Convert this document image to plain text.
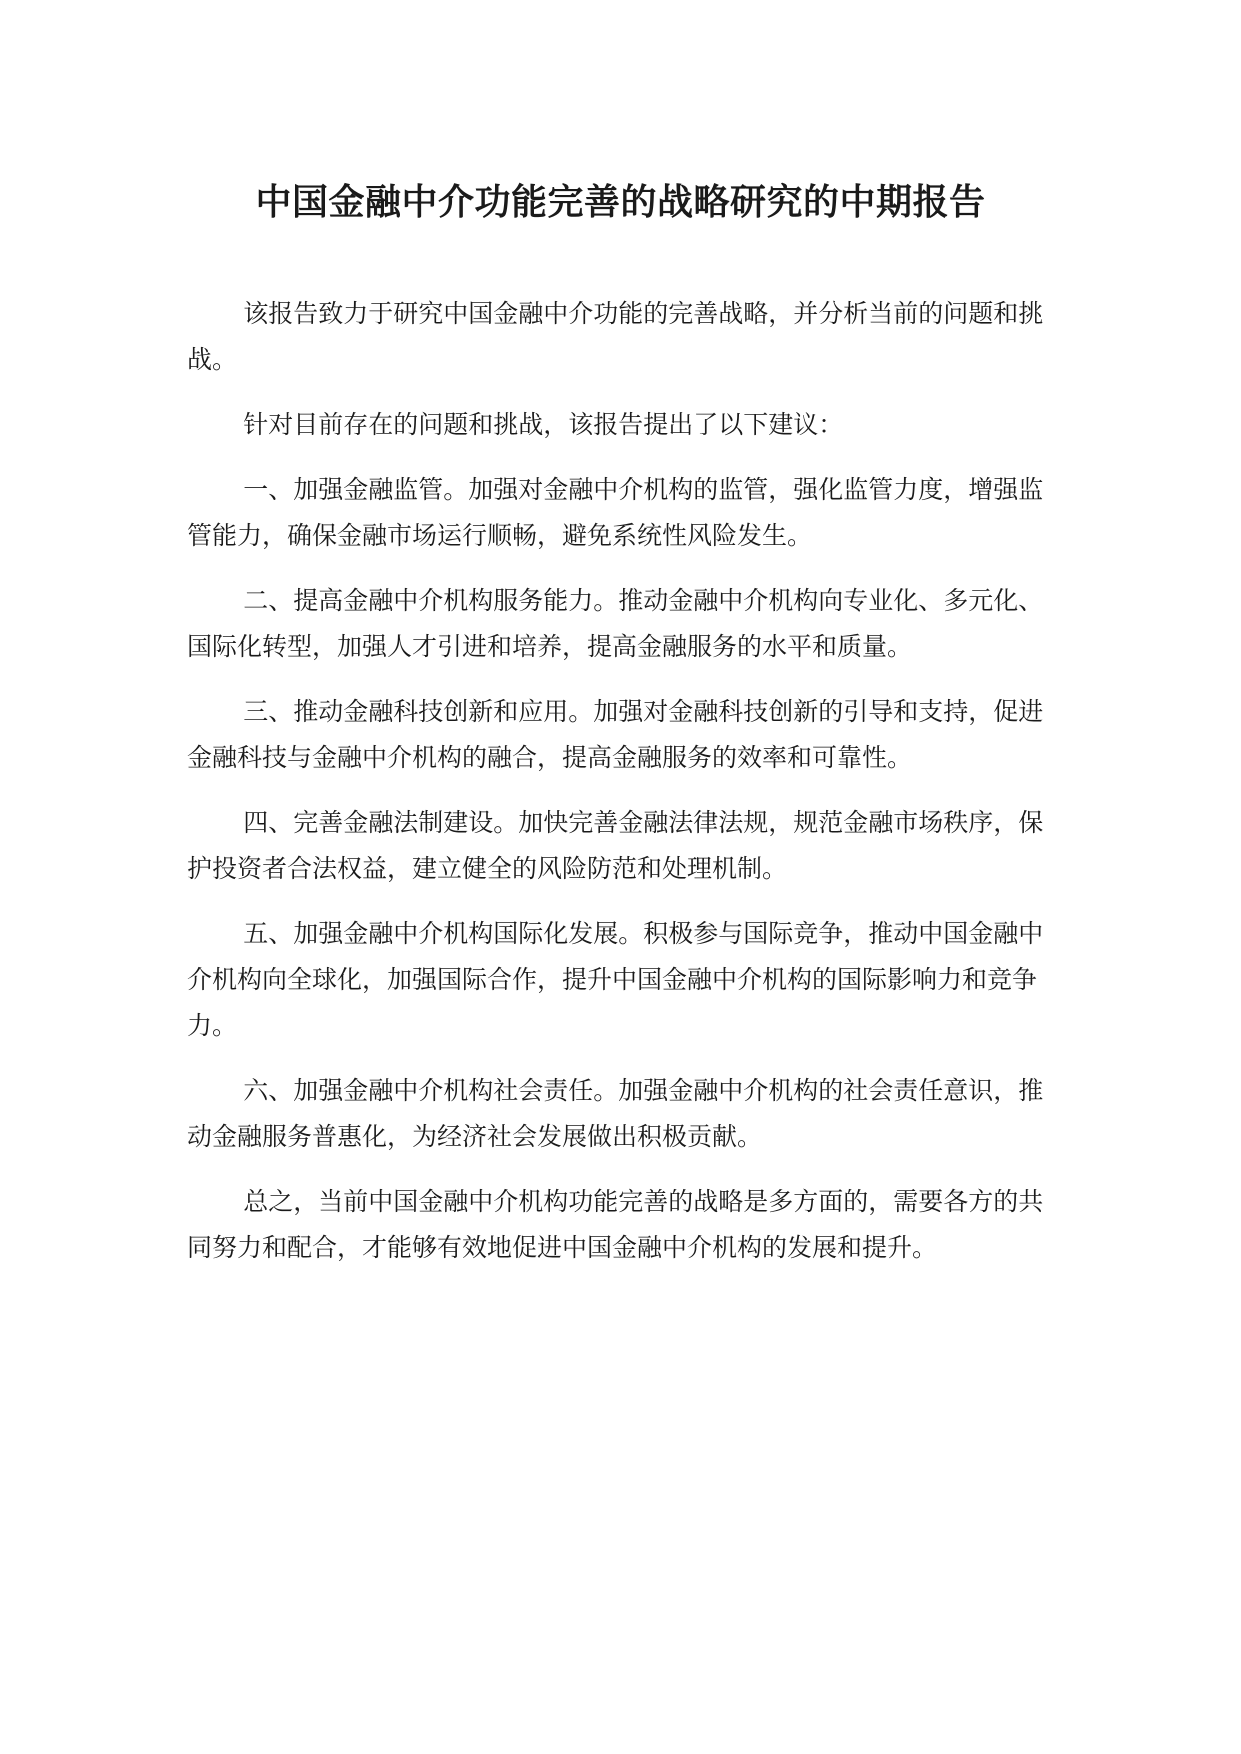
中国金融中介功能完善的战略研究的中期报告

该报告致力于研究中国金融中介功能的完善战略，并分析当前的问题和挑战。

针对目前存在的问题和挑战，该报告提出了以下建议：

一、加强金融监管。加强对金融中介机构的监管，强化监管力度，增强监管能力，确保金融市场运行顺畅，避免系统性风险发生。

二、提高金融中介机构服务能力。推动金融中介机构向专业化、多元化、国际化转型，加强人才引进和培养，提高金融服务的水平和质量。

三、推动金融科技创新和应用。加强对金融科技创新的引导和支持，促进金融科技与金融中介机构的融合，提高金融服务的效率和可靠性。

四、完善金融法制建设。加快完善金融法律法规，规范金融市场秩序，保护投资者合法权益，建立健全的风险防范和处理机制。

五、加强金融中介机构国际化发展。积极参与国际竞争，推动中国金融中介机构向全球化，加强国际合作，提升中国金融中介机构的国际影响力和竞争力。

六、加强金融中介机构社会责任。加强金融中介机构的社会责任意识，推动金融服务普惠化，为经济社会发展做出积极贡献。

总之，当前中国金融中介机构功能完善的战略是多方面的，需要各方的共同努力和配合，才能够有效地促进中国金融中介机构的发展和提升。
